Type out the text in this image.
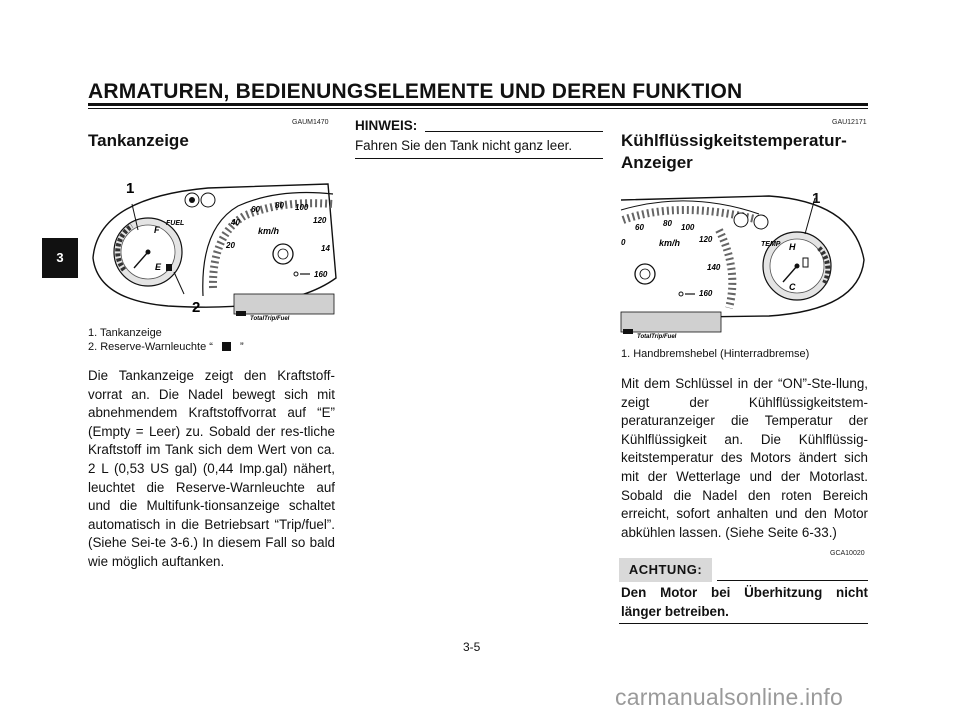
ARMATUREN, BEDIENUNGSELEMENTE UND DEREN FUNKTION
3
GAUM1470
Tankanzeige
FUEL
F
E
km/h
20
40
60 80 100
120
14
160
TotalTrip/Fuel
1
2
1. Tankanzeige
2. Reserve-Warnleuchte “ ”
Die Tankanzeige zeigt den Kraftstoff-vorrat an. Die Nadel bewegt sich mit abnehmendem Kraftstoffvorrat auf “E” (Empty = Leer) zu. Sobald der res-tliche Kraftstoff im Tank sich dem Wert von ca. 2 L (0,53 US gal) (0,44 Imp.gal) nähert, leuchtet die Reserve-Warnleuchte auf und die Multifunk-tionsanzeige schaltet automatisch in die Betriebsart “Trip/fuel”. (Siehe Sei-te 3-6.) In diesem Fall so bald wie möglich auftanken.
HINWEIS:
Fahren Sie den Tank nicht ganz leer.
GAU12171
Kühlflüssigkeitstemperatur-
Anzeiger
km/h
0
60 80 100
120
140
160
TEMP H
C
TotalTrip/Fuel
1
1. Handbremshebel (Hinterradbremse)
Mit dem Schlüssel in der “ON”-Ste-llung, zeigt der Kühlflüssigkeitstem-peraturanzeiger die Temperatur der Kühlflüssigkeit an. Die Kühlflüssig-keitstemperatur des Motors ändert sich mit der Wetterlage und der Motorlast. Sobald die Nadel den roten Bereich erreicht, sofort anhalten und den Motor abkühlen lassen. (Siehe Seite 6-33.)
GCA10020
ACHTUNG:
Den Motor bei Überhitzung nicht länger betreiben.
3-5
carmanualsonline.info
